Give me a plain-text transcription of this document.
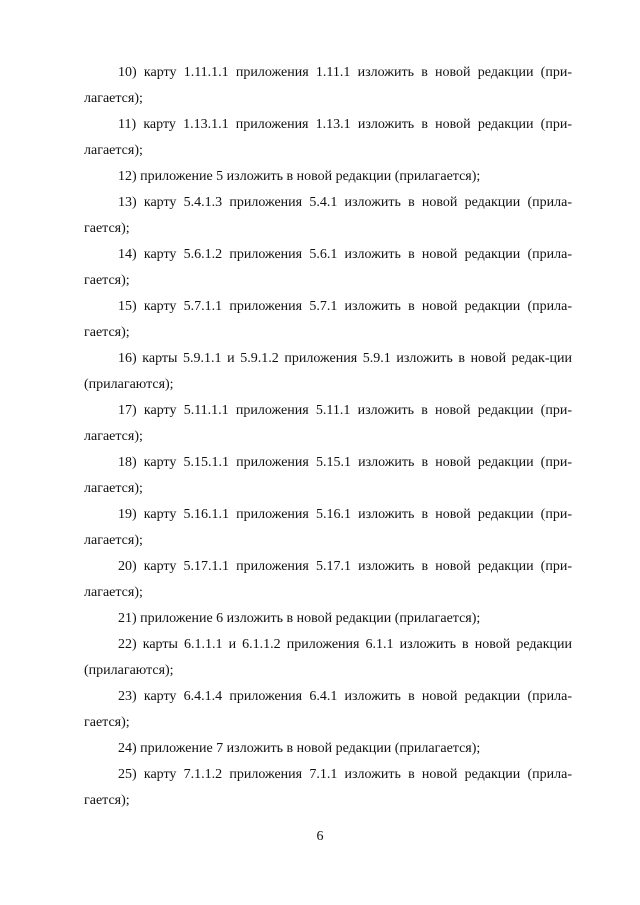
10) карту 1.11.1.1 приложения 1.11.1 изложить в новой редакции (при-лагается);

11) карту 1.13.1.1 приложения 1.13.1 изложить в новой редакции (при-лагается);

12) приложение 5 изложить в новой редакции (прилагается);

13) карту 5.4.1.3 приложения 5.4.1 изложить в новой редакции (прила-гается);

14) карту 5.6.1.2 приложения 5.6.1 изложить в новой редакции (прила-гается);

15) карту 5.7.1.1 приложения 5.7.1 изложить в новой редакции (прила-гается);

16) карты 5.9.1.1 и 5.9.1.2 приложения 5.9.1 изложить в новой редак-ции (прилагаются);

17) карту 5.11.1.1 приложения 5.11.1 изложить в новой редакции (при-лагается);

18) карту 5.15.1.1 приложения 5.15.1 изложить в новой редакции (при-лагается);

19) карту 5.16.1.1 приложения 5.16.1 изложить в новой редакции (при-лагается);

20) карту 5.17.1.1 приложения 5.17.1 изложить в новой редакции (при-лагается);

21) приложение 6 изложить в новой редакции (прилагается);

22) карты 6.1.1.1 и 6.1.1.2 приложения 6.1.1 изложить в новой редакции (прилагаются);

23) карту 6.4.1.4 приложения 6.4.1 изложить в новой редакции (прила-гается);

24) приложение 7 изложить в новой редакции (прилагается);

25) карту 7.1.1.2 приложения 7.1.1 изложить в новой редакции (прила-гается);

6
